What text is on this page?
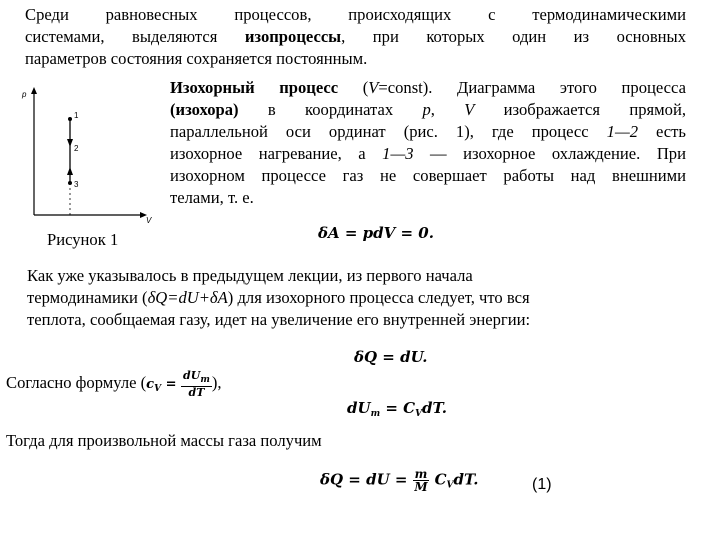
Среди равновесных процессов, происходящих с термодинамическими
системами, выделяются изопроцессы, при которых один из основных
параметров состояния сохраняется постоянным.
p
V
1
2
3
Рисунок 1
Изохорный процесс (V=const). Диаграмма этого процесса
(изохора) в координатах p, V изображается прямой,
параллельной оси ординат (рис. 1), где процесс 1—2 есть
изохорное нагревание, а 1—3 — изохорное охлаждение. При
изохорном процессе газ не совершает работы над внешними
телами, т. е.
δA = pdV = 0.
Как уже указывалось в предыдущем лекции, из первого начала
термодинамики (δQ=dU+δA) для изохорного процесса следует, что вся
теплота, сообщаемая газу, идет на увеличение его внутренней энергии:
δQ = dU.
Согласно формуле ($c_V = \frac{dU_m}{dT}$ ),
$dU_m = C_VdT$.
Тогда для произвольной массы газа получим
δQ = dU = $\frac{m}{M} C_VdT$.	(1)
